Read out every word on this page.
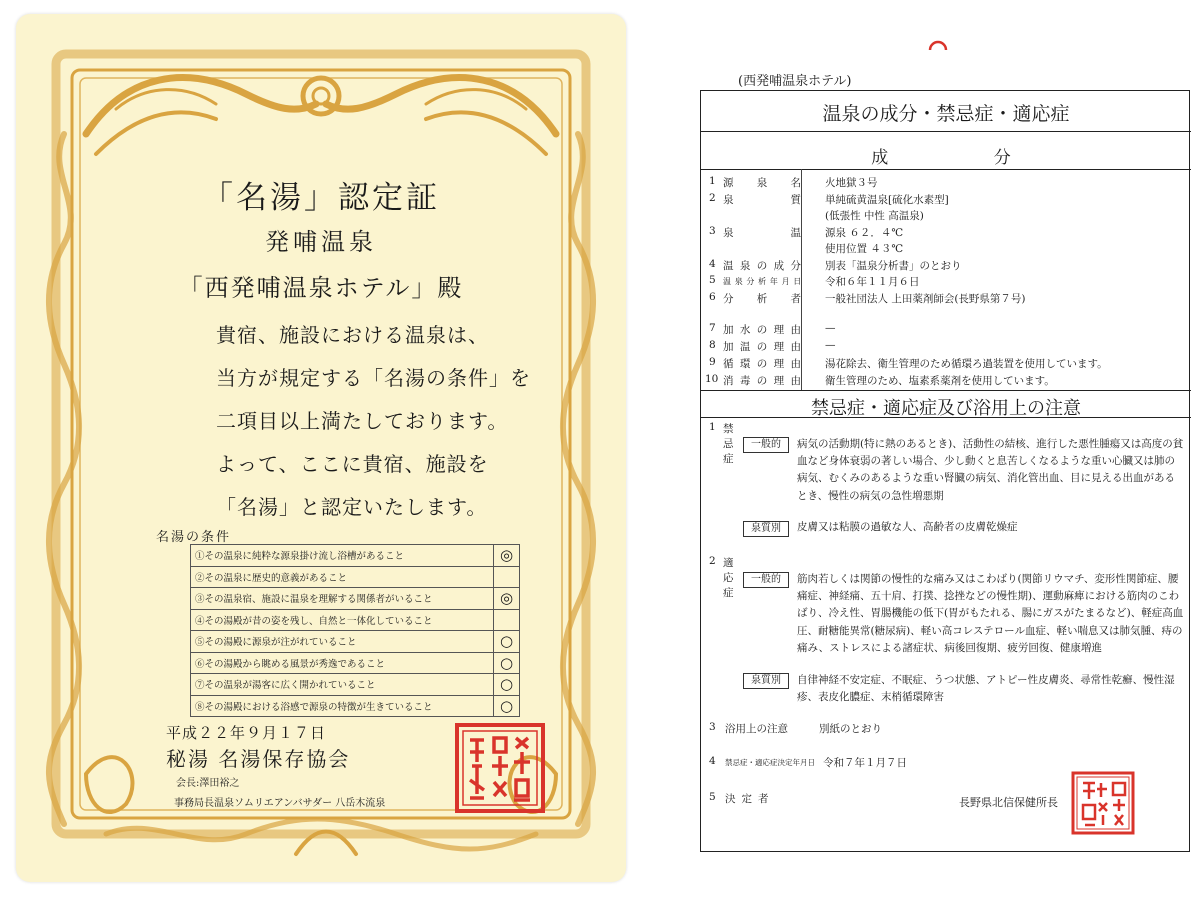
「名湯」認定証
発哺温泉
「西発哺温泉ホテル」殿
貴宿、施設における温泉は、
当方が規定する「名湯の条件」を
二項目以上満たしております。
よって、ここに貴宿、施設を
「名湯」と認定いたします。
名湯の条件
①その温泉に純粋な源泉掛け流し浴槽があること	◎
②その温泉に歴史的意義があること	
③その温泉宿、施設に温泉を理解する関係者がいること	◎
④その湯殿が昔の姿を残し、自然と一体化していること	
⑤その湯殿に源泉が注がれていること	○
⑥その湯殿から眺める風景が秀逸であること	○
⑦その温泉が湯客に広く開かれていること	○
⑧その湯殿における浴感で源泉の特徴が生きていること	○
平成２２年９月１７日
秘湯 名湯保存協会
会長:澤田裕之
事務局長温泉ソムリエアンバサダー 八岳木流泉
(西発哺温泉ホテル)
温泉の成分・禁忌症・適応症
成 分
1 源泉名 火地獄３号
2 泉質 単純硫黄温泉[硫化水素型]
(低張性 中性 高温泉)
3 泉温 源泉 ６２．４℃
使用位置 ４３℃
4 温泉の成分 別表「温泉分析書」のとおり
5 温泉分析年月日 令和６年１１月６日
6 分析者 一般社団法人 上田薬剤師会(長野県第７号)
7 加水の理由 —
8 加温の理由 —
9 循環の理由 湯花除去、衛生管理のため循環ろ過装置を使用しています。
10 消毒の理由 衛生管理のため、塩素系薬剤を使用しています。
禁忌症・適応症及び浴用上の注意
1 禁忌症
一般的	病気の活動期(特に熱のあるとき)、活動性の結核、進行した悪性腫瘍又は高度の貧血など身体衰弱の著しい場合、少し動くと息苦しくなるような重い心臓又は肺の病気、むくみのあるような重い腎臓の病気、消化管出血、目に見える出血があるとき、慢性の病気の急性増悪期
泉質別	皮膚又は粘膜の過敏な人、高齢者の皮膚乾燥症
2 適応症
一般的	筋肉若しくは関節の慢性的な痛み又はこわばり(関節リウマチ、変形性関節症、腰痛症、神経痛、五十肩、打撲、捻挫などの慢性期)、運動麻痺における筋肉のこわばり、冷え性、胃腸機能の低下(胃がもたれる、腸にガスがたまるなど)、軽症高血圧、耐糖能異常(糖尿病)、軽い高コレステロール血症、軽い喘息又は肺気腫、痔の痛み、ストレスによる諸症状、病後回復期、疲労回復、健康増進
泉質別	自律神経不安定症、不眠症、うつ状態、アトピー性皮膚炎、尋常性乾癬、慢性湿疹、表皮化膿症、末梢循環障害
3 浴用上の注意	別紙のとおり
4 禁忌症・適応症決定年月日 令和７年１月７日
5 決定者	長野県北信保健所長
